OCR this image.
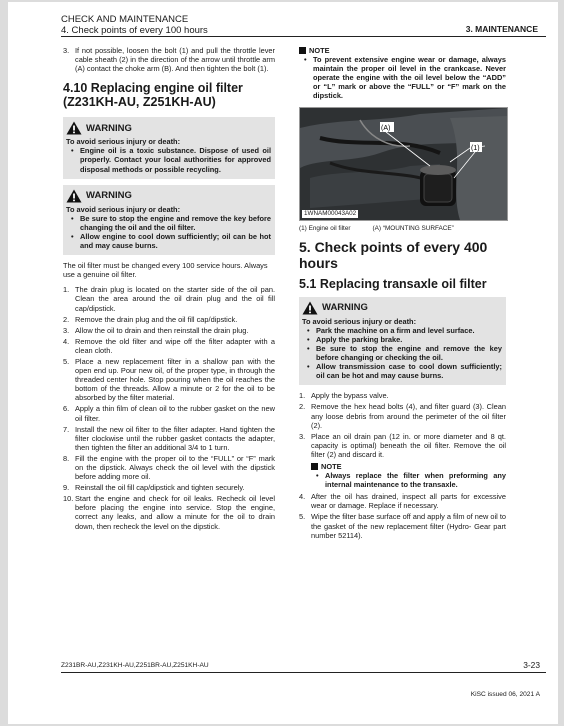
CHECK AND MAINTENANCE
4. Check points of every 100 hours	3. MAINTENANCE
3. If not possible, loosen the bolt (1) and pull the throttle lever cable sheath (2) in the direction of the arrow until throttle arm (A) contact the choke arm (B). And then tighten the bolt (1).
4.10 Replacing engine oil filter (Z231KH-AU, Z251KH-AU)
WARNING
To avoid serious injury or death:
• Engine oil is a toxic substance. Dispose of used oil properly. Contact your local authorities for approved disposal methods or possible recycling.
WARNING
To avoid serious injury or death:
• Be sure to stop the engine and remove the key before changing the oil and the oil filter.
• Allow engine to cool down sufficiently; oil can be hot and may cause burns.
The oil filter must be changed every 100 service hours. Always use a genuine oil filter.
1. The drain plug is located on the starter side of the oil pan. Clean the area around the oil drain plug and the oil fill cap/dipstick.
2. Remove the drain plug and the oil fill cap/dipstick.
3. Allow the oil to drain and then reinstall the drain plug.
4. Remove the old filter and wipe off the filter adapter with a clean cloth.
5. Place a new replacement filter in a shallow pan with the open end up. Pour new oil, of the proper type, in through the threaded center hole. Stop pouring when the oil reaches the bottom of the threads. Allow a minute or 2 for the oil to be absorbed by the filter material.
6. Apply a thin film of clean oil to the rubber gasket on the new oil filter.
7. Install the new oil filter to the filter adapter. Hand tighten the filter clockwise until the rubber gasket contacts the adapter, then tighten the filter an additional 3/4 to 1 turn.
8. Fill the engine with the proper oil to the “FULL” or “F” mark on the dipstick. Always check the oil level with the dipstick before adding more oil.
9. Reinstall the oil fill cap/dipstick and tighten securely.
10. Start the engine and check for oil leaks. Recheck oil level before placing the engine into service. Stop the engine, correct any leaks, and allow a minute for the oil to drain down, then recheck the level on the dipstick.
NOTE
• To prevent extensive engine wear or damage, always maintain the proper oil level in the crankcase. Never operate the engine with the oil level below the “ADD” or “L” mark or above the “FULL” or “F” mark on the dipstick.
(A)
(1)
1WNAM00043A02
(1) Engine oil filter	(A) “MOUNTING SURFACE”
5. Check points of every 400 hours
5.1 Replacing transaxle oil filter
WARNING
To avoid serious injury or death:
• Park the machine on a firm and level surface.
• Apply the parking brake.
• Be sure to stop the engine and remove the key before changing or checking the oil.
• Allow transmission case to cool down sufficiently; oil can be hot and may cause burns.
1. Apply the bypass valve.
2. Remove the hex head bolts (4), and filter guard (3). Clean any loose debris from around the perimeter of the oil filter (2).
3. Place an oil drain pan (12 in. or more diameter and 8 qt. capacity is optimal) beneath the oil filter. Remove the oil filter (2) and discard it.
NOTE
• Always replace the filter when preforming any internal maintenance to the transaxle.
4. After the oil has drained, inspect all parts for excessive wear or damage. Replace if necessary.
5. Wipe the filter base surface off and apply a film of new oil to the gasket of the new replacement filter (Hydro- Gear part number 52114).
Z231BR-AU,Z231KH-AU,Z251BR-AU,Z251KH-AU	3-23
KiSC issued 06, 2021 A
